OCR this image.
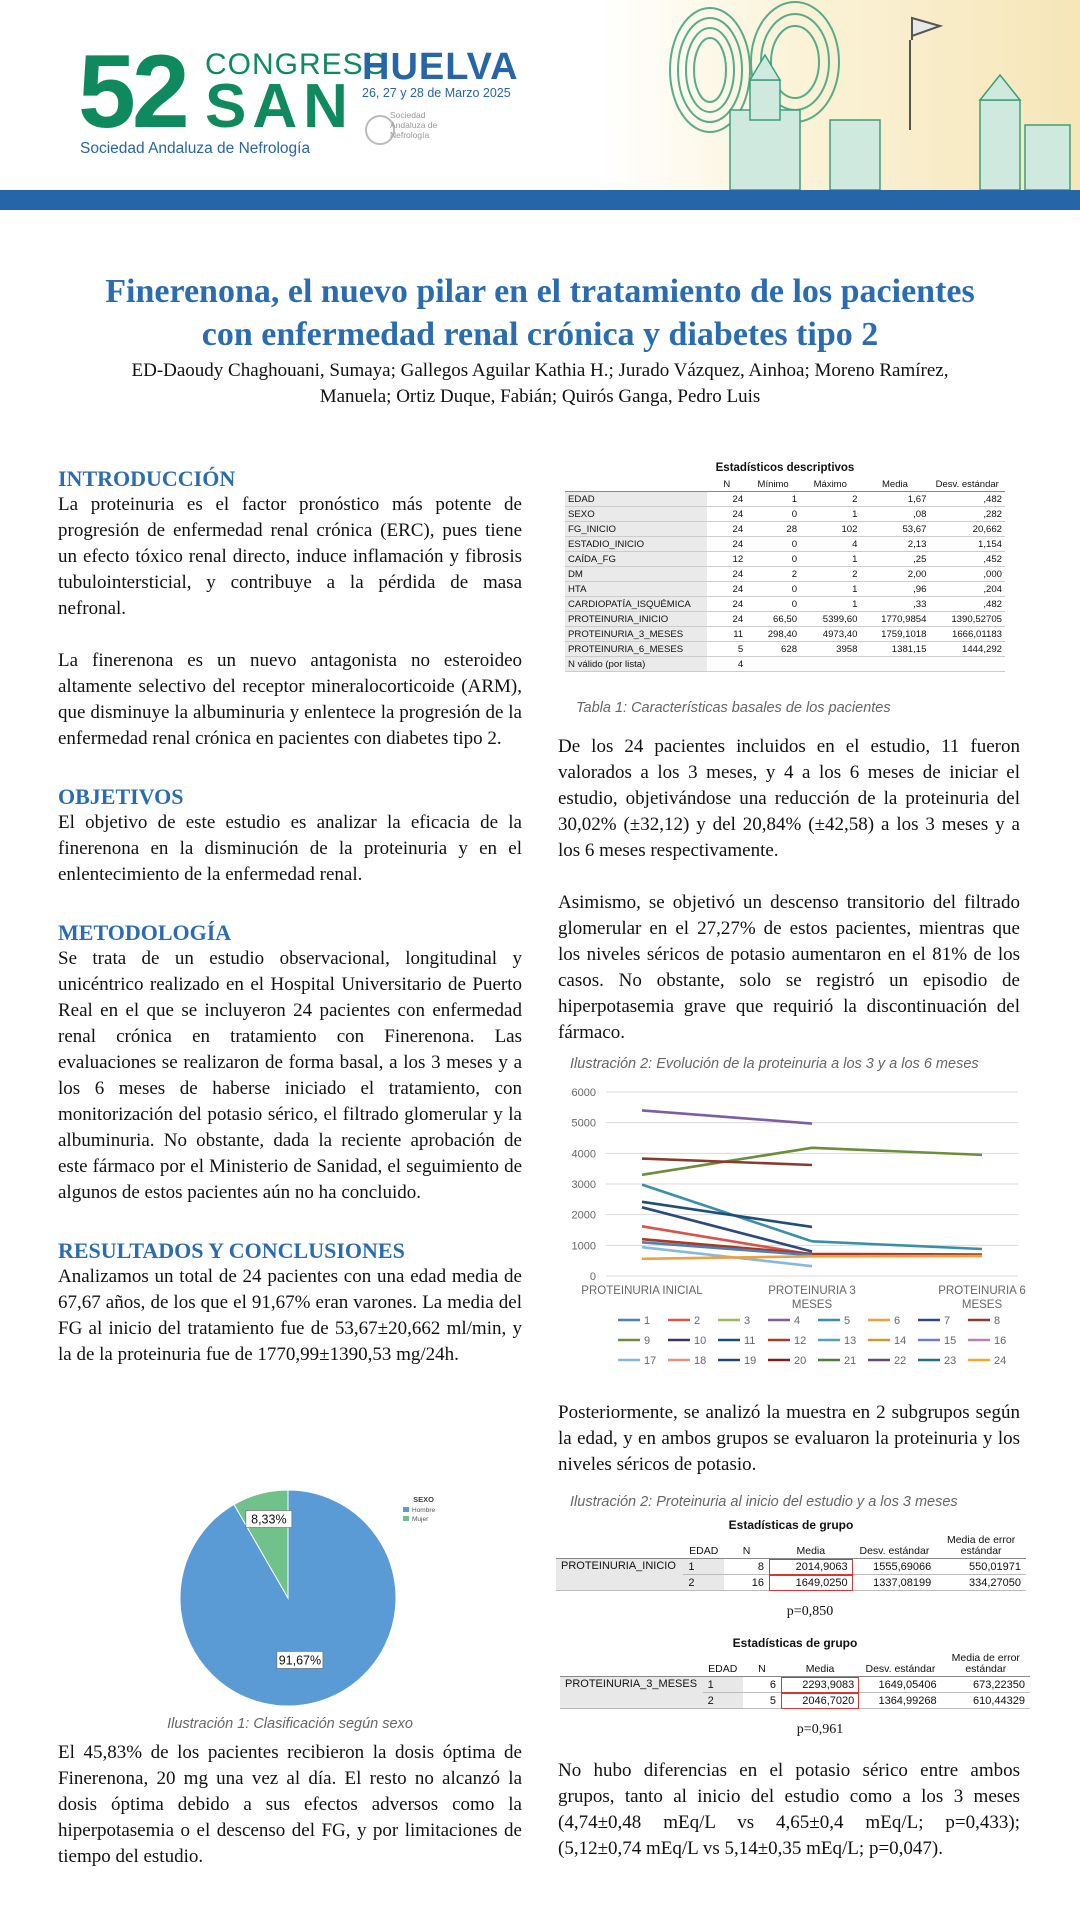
52 CONGRESO
SAN
Sociedad Andaluza de Nefrología
HUELVA
26, 27 y 28 de Marzo 2025
Sociedad
Andaluza de
Nefrología
Finerenona, el nuevo pilar en el tratamiento de los pacientes
con enfermedad renal crónica y diabetes tipo 2
ED-Daoudy Chaghouani, Sumaya; Gallegos Aguilar Kathia H.; Jurado Vázquez, Ainhoa; Moreno Ramírez,
Manuela; Ortiz Duque, Fabián; Quirós Ganga, Pedro Luis
INTRODUCCIÓN
La proteinuria es el factor pronóstico más potente de progresión de enfermedad renal crónica (ERC), pues tiene un efecto tóxico renal directo, induce inflamación y fibrosis tubulointersticial, y contribuye a la pérdida de masa nefronal.
La finerenona es un nuevo antagonista no esteroideo altamente selectivo del receptor mineralocorticoide (ARM), que disminuye la albuminuria y enlentece la progresión de la enfermedad renal crónica en pacientes con diabetes tipo 2.
OBJETIVOS
El objetivo de este estudio es analizar la eficacia de la finerenona en la disminución de la proteinuria y en el enlentecimiento de la enfermedad renal.
METODOLOGÍA
Se trata de un estudio observacional, longitudinal y unicéntrico realizado en el Hospital Universitario de Puerto Real en el que se incluyeron 24 pacientes con enfermedad renal crónica en tratamiento con Finerenona. Las evaluaciones se realizaron de forma basal, a los 3 meses y a los 6 meses de haberse iniciado el tratamiento, con monitorización del potasio sérico, el filtrado glomerular y la albuminuria. No obstante, dada la reciente aprobación de este fármaco por el Ministerio de Sanidad, el seguimiento de algunos de estos pacientes aún no ha concluido.
RESULTADOS Y CONCLUSIONES
Analizamos un total de 24 pacientes con una edad media de 67,67 años, de los que el 91,67% eran varones. La media del FG al inicio del tratamiento fue de 53,67±20,662 ml/min, y la de la proteinuria fue de 1770,99±1390,53 mg/24h.
91,67%
8,33%
SEXO
Hombre
Mujer
Ilustración 1: Clasificación según sexo
El 45,83% de los pacientes recibieron la dosis óptima de Finerenona, 20 mg una vez al día. El resto no alcanzó la dosis óptima debido a sus efectos adversos como la hiperpotasemia o el descenso del FG, y por limitaciones de tiempo del estudio.
Estadísticos descriptivos
	N	Mínimo	Máximo	Media	Desv. estándar
EDAD	24	1	2	1,67	,482
SEXO	24	0	1	,08	,282
FG_INICIO	24	28	102	53,67	20,662
ESTADIO_INICIO	24	0	4	2,13	1,154
CAÍDA_FG	12	0	1	,25	,452
DM	24	2	2	2,00	,000
HTA	24	0	1	,96	,204
CARDIOPATÍA_ISQUÉMICA	24	0	1	,33	,482
PROTEINURIA_INICIO	24	66,50	5399,60	1770,9854	1390,52705
PROTEINURIA_3_MESES	11	298,40	4973,40	1759,1018	1666,01183
PROTEINURIA_6_MESES	5	628	3958	1381,15	1444,292
N válido (por lista)	4				
Tabla 1: Características basales de los pacientes
De los 24 pacientes incluidos en el estudio, 11 fueron valorados a los 3 meses, y 4 a los 6 meses de iniciar el estudio, objetivándose una reducción de la proteinuria del 30,02% (±32,12) y del 20,84% (±42,58) a los 3 meses y a los 6 meses respectivamente.
Asimismo, se objetivó un descenso transitorio del filtrado glomerular en el 27,27% de estos pacientes, mientras que los niveles séricos de potasio aumentaron en el 81% de los casos. No obstante, solo se registró un episodio de hiperpotasemia grave que requirió la discontinuación del fármaco.
Ilustración 2: Evolución de la proteinuria a los 3 y a los 6 meses
0
1000
2000
3000
4000
5000
6000
PROTEINURIA INICIAL	PROTEINURIA 3
MESES
PROTEINURIA 6
MESES
1	2	3	4	5	6	7	8
9	10	11	12	13	14	15	16
17	18	19	20	21	22	23	24
Posteriormente, se analizó la muestra en 2 subgrupos según la edad, y en ambos grupos se evaluaron la proteinuria y los niveles séricos de potasio.
Ilustración 2: Proteinuria al inicio del estudio y a los 3 meses
Estadísticas de grupo
	EDAD	N	Media	Desv. estándar	Media de error estándar
PROTEINURIA_INICIO	1	8	2014,9063	1555,69066	550,01971
	2	16	1649,0250	1337,08199	334,27050
p=0,850
Estadísticas de grupo
	EDAD	N	Media	Desv. estándar	Media de error estándar
PROTEINURIA_3_MESES	1	6	2293,9083	1649,05406	673,22350
	2	5	2046,7020	1364,99268	610,44329
p=0,961
No hubo diferencias en el potasio sérico entre ambos grupos, tanto al inicio del estudio como a los 3 meses (4,74±0,48 mEq/L vs 4,65±0,4 mEq/L; p=0,433); (5,12±0,74 mEq/L vs 5,14±0,35 mEq/L; p=0,047).
